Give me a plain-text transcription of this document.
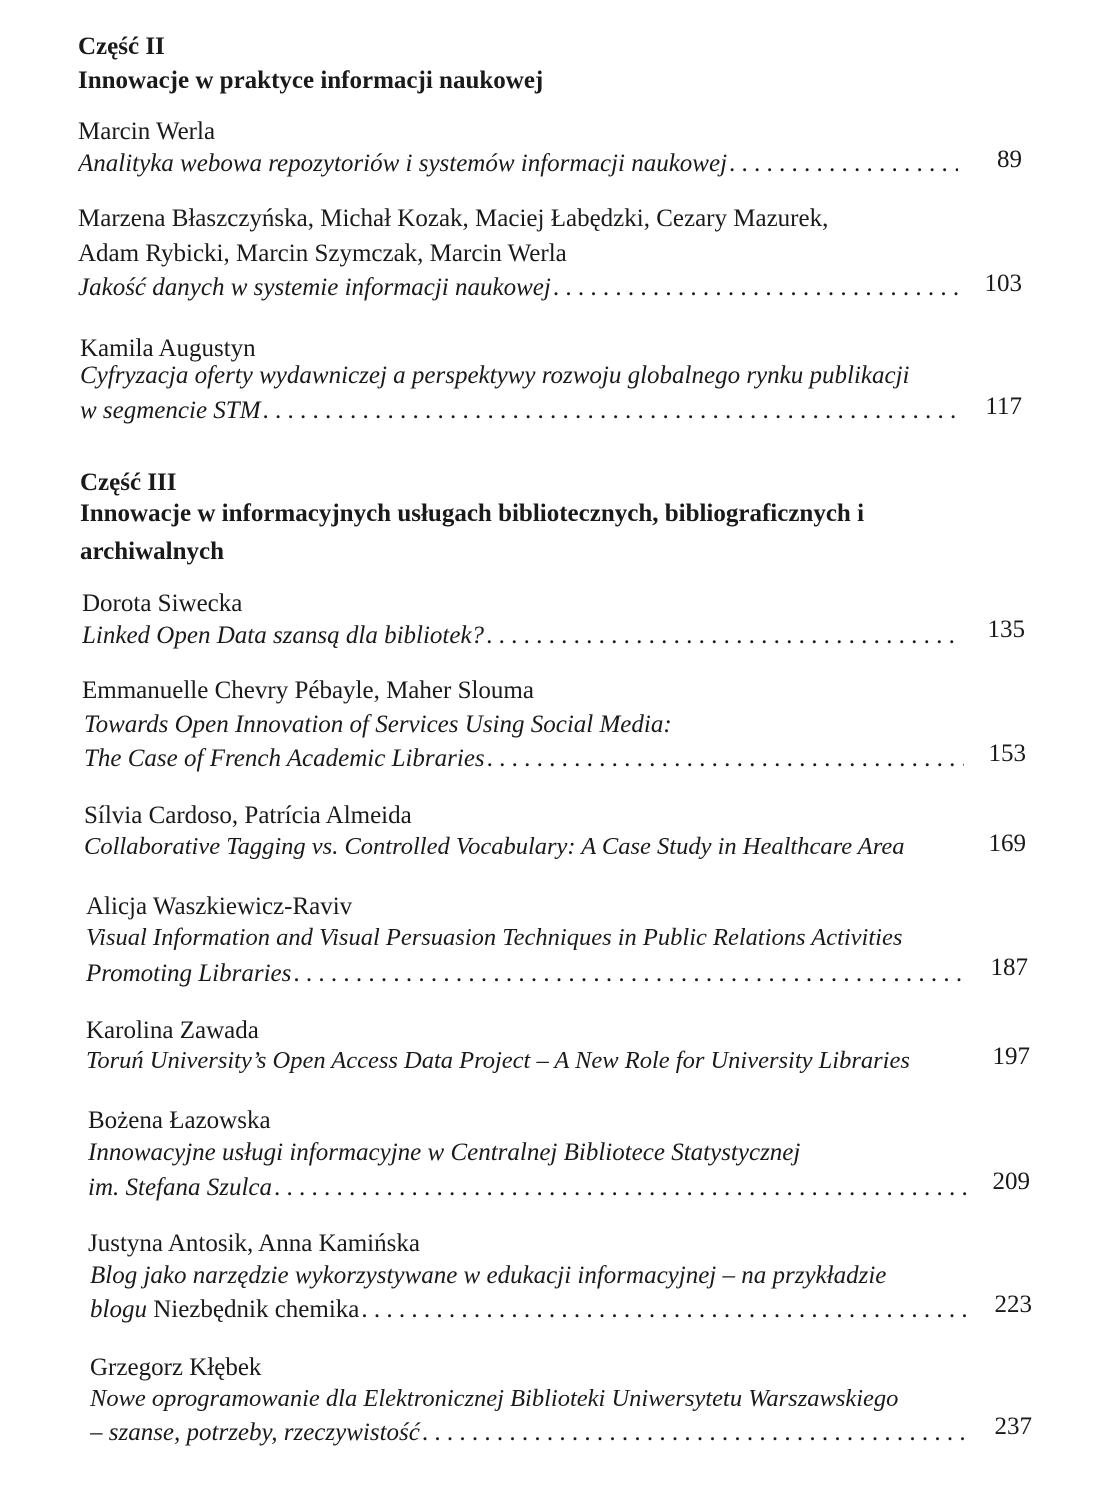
Część II
Innowacje w praktyce informacji naukowej
Marcin Werla
Analityka webowa repozytoriów i systemów informacji naukowej . . .	89
Marzena Błaszczyńska, Michał Kozak, Maciej Łabędzki, Cezary Mazurek,
Adam Rybicki, Marcin Szymczak, Marcin Werla
Jakość danych w systemie informacji naukowej . . .	103
Kamila Augustyn
Cyfryzacja oferty wydawniczej a perspektywy rozwoju globalnego rynku publikacji
w segmencie STM . . .	117
Część III
Innowacje w informacyjnych usługach bibliotecznych, bibliograficznych i archiwalnych
Dorota Siwecka
Linked Open Data szansą dla bibliotek? . . .	135
Emmanuelle Chevry Pébayle, Maher Slouma
Towards Open Innovation of Services Using Social Media:
The Case of French Academic Libraries . . .	153
Sílvia Cardoso, Patrícia Almeida
Collaborative Tagging vs. Controlled Vocabulary: A Case Study in Healthcare Area	169
Alicja Waszkiewicz-Raviv
Visual Information and Visual Persuasion Techniques in Public Relations Activities
Promoting Libraries . . .	187
Karolina Zawada
Toruń University’s Open Access Data Project – A New Role for University Libraries	197
Bożena Łazowska
Innowacyjne usługi informacyjne w Centralnej Bibliotece Statystycznej
im. Stefana Szulca . . .	209
Justyna Antosik, Anna Kamińska
Blog jako narzędzie wykorzystywane w edukacji informacyjnej – na przykładzie
blogu Niezbędnik chemika . . .	223
Grzegorz Kłębek
Nowe oprogramowanie dla Elektronicznej Biblioteki Uniwersytetu Warszawskiego
– szanse, potrzeby, rzeczywistość . . .	237
